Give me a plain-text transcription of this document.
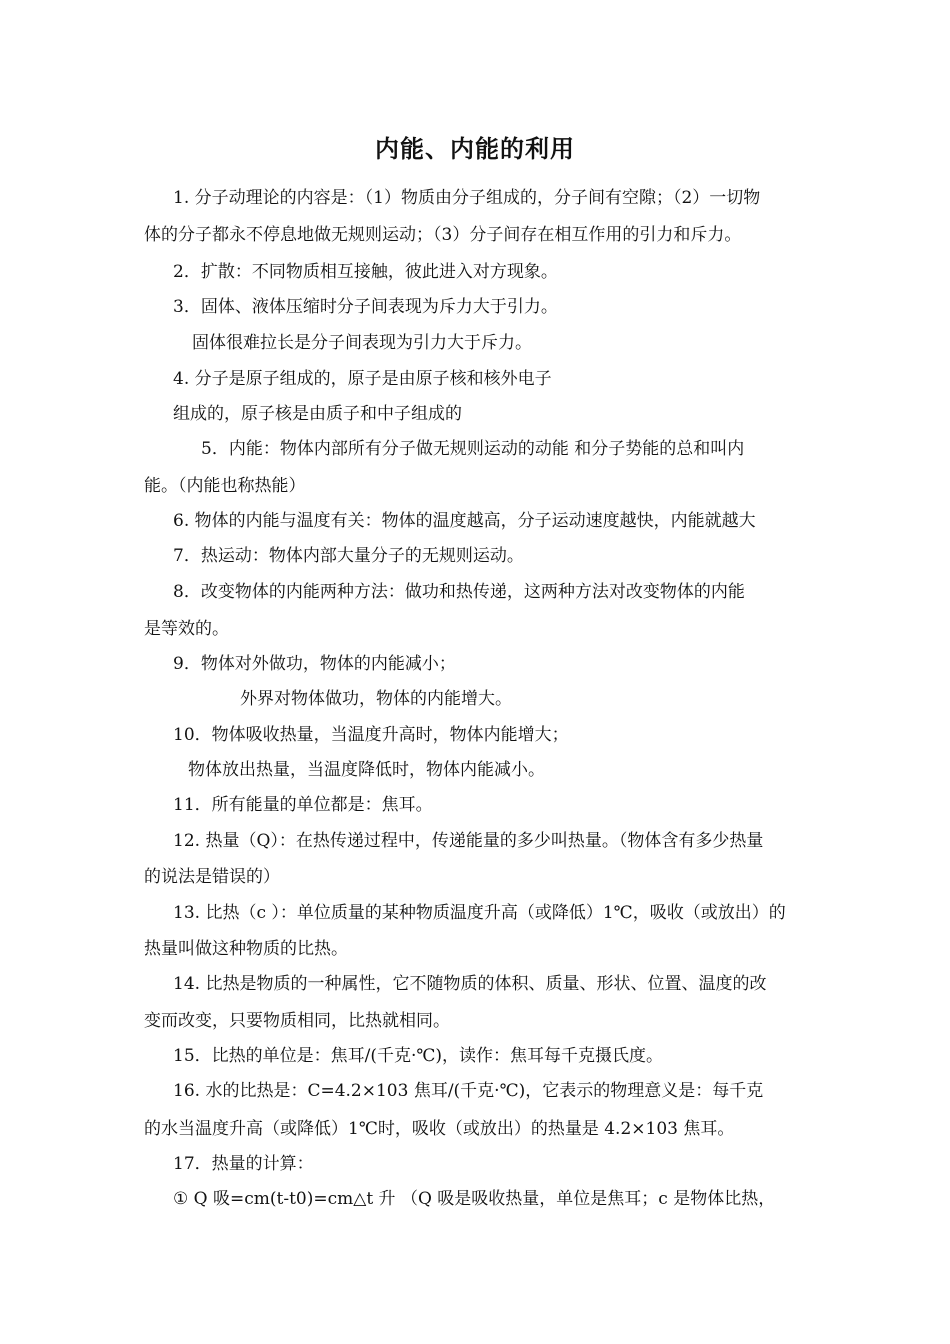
内能、内能的利用
1. 分子动理论的内容是：（1）物质由分子组成的，分子间有空隙；（2）一切物
体的分子都永不停息地做无规则运动；（3）分子间存在相互作用的引力和斥力。
2．扩散：不同物质相互接触，彼此进入对方现象。
3．固体、液体压缩时分子间表现为斥力大于引力。
固体很难拉长是分子间表现为引力大于斥力。
4. 分子是原子组成的，原子是由原子核和核外电子
组成的，原子核是由质子和中子组成的
5．内能：物体内部所有分子做无规则运动的动能 和分子势能的总和叫内
能。（内能也称热能）
6. 物体的内能与温度有关：物体的温度越高，分子运动速度越快，内能就越大
7．热运动：物体内部大量分子的无规则运动。
8．改变物体的内能两种方法：做功和热传递，这两种方法对改变物体的内能
是等效的。
9．物体对外做功，物体的内能减小；
外界对物体做功，物体的内能增大。
10．物体吸收热量，当温度升高时，物体内能增大；
物体放出热量，当温度降低时，物体内能减小。
11．所有能量的单位都是：焦耳。
12. 热量（Q）：在热传递过程中，传递能量的多少叫热量。（物体含有多少热量
的说法是错误的）
13. 比热（c ）：单位质量的某种物质温度升高（或降低）1℃，吸收（或放出）的
热量叫做这种物质的比热。
14. 比热是物质的一种属性，它不随物质的体积、质量、形状、位置、温度的改
变而改变，只要物质相同，比热就相同。
15．比热的单位是：焦耳/(千克·℃)，读作：焦耳每千克摄氏度。
16. 水的比热是：C=4.2×103 焦耳/(千克·℃)，它表示的物理意义是：每千克
的水当温度升高（或降低）1℃时，吸收（或放出）的热量是 4.2×103 焦耳。
17．热量的计算：
① Q 吸=cm(t-t0)=cm△t 升 （Q 吸是吸收热量，单位是焦耳；c 是物体比热，
